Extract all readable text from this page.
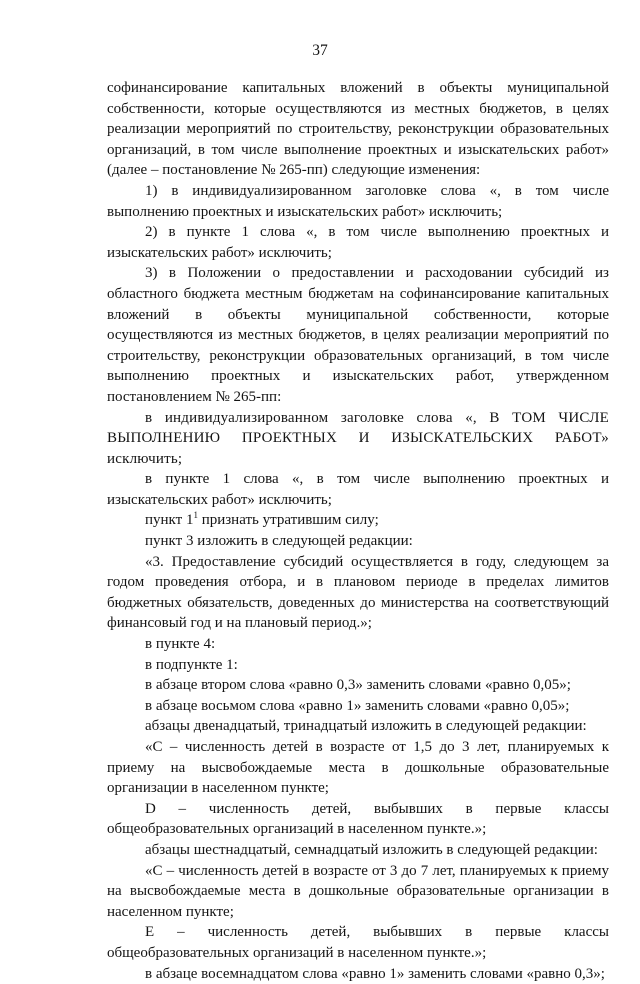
37

софинансирование капитальных вложений в объекты муниципальной собственности, которые осуществляются из местных бюджетов, в целях реализации мероприятий по строительству, реконструкции образовательных организаций, в том числе выполнение проектных и изыскательских работ» (далее – постановление № 265-пп) следующие изменения:

1) в индивидуализированном заголовке слова «, в том числе выполнению проектных и изыскательских работ» исключить;

2) в пункте 1 слова «, в том числе выполнению проектных и изыскательских работ» исключить;

3) в Положении о предоставлении и расходовании субсидий из областного бюджета местным бюджетам на софинансирование капитальных вложений в объекты муниципальной собственности, которые осуществляются из местных бюджетов, в целях реализации мероприятий по строительству, реконструкции образовательных организаций, в том числе выполнению проектных и изыскательских работ, утвержденном постановлением № 265-пп:

в индивидуализированном заголовке слова «, В ТОМ ЧИСЛЕ ВЫПОЛНЕНИЮ ПРОЕКТНЫХ И ИЗЫСКАТЕЛЬСКИХ РАБОТ» исключить;

в пункте 1 слова «, в том числе выполнению проектных и изыскательских работ» исключить;

пункт $1^1$ признать утратившим силу;

пункт 3 изложить в следующей редакции:

«3. Предоставление субсидий осуществляется в году, следующем за годом проведения отбора, и в плановом периоде в пределах лимитов бюджетных обязательств, доведенных до министерства на соответствующий финансовый год и на плановый период.»;

в пункте 4:

в подпункте 1:

в абзаце втором слова «равно 0,3» заменить словами «равно 0,05»;

в абзаце восьмом слова «равно 1» заменить словами «равно 0,05»;

абзацы двенадцатый, тринадцатый изложить в следующей редакции:

«С – численность детей в возрасте от 1,5 до 3 лет, планируемых к приему на высвобождаемые места в дошкольные образовательные организации в населенном пункте;

D – численность детей, выбывших в первые классы общеобразовательных организаций в населенном пункте.»;

абзацы шестнадцатый, семнадцатый изложить в следующей редакции:

«С – численность детей в возрасте от 3 до 7 лет, планируемых к приему на высвобождаемые места в дошкольные образовательные организации в населенном пункте;

Е – численность детей, выбывших в первые классы общеобразовательных организаций в населенном пункте.»;

в абзаце восемнадцатом слова «равно 1» заменить словами «равно 0,3»;
